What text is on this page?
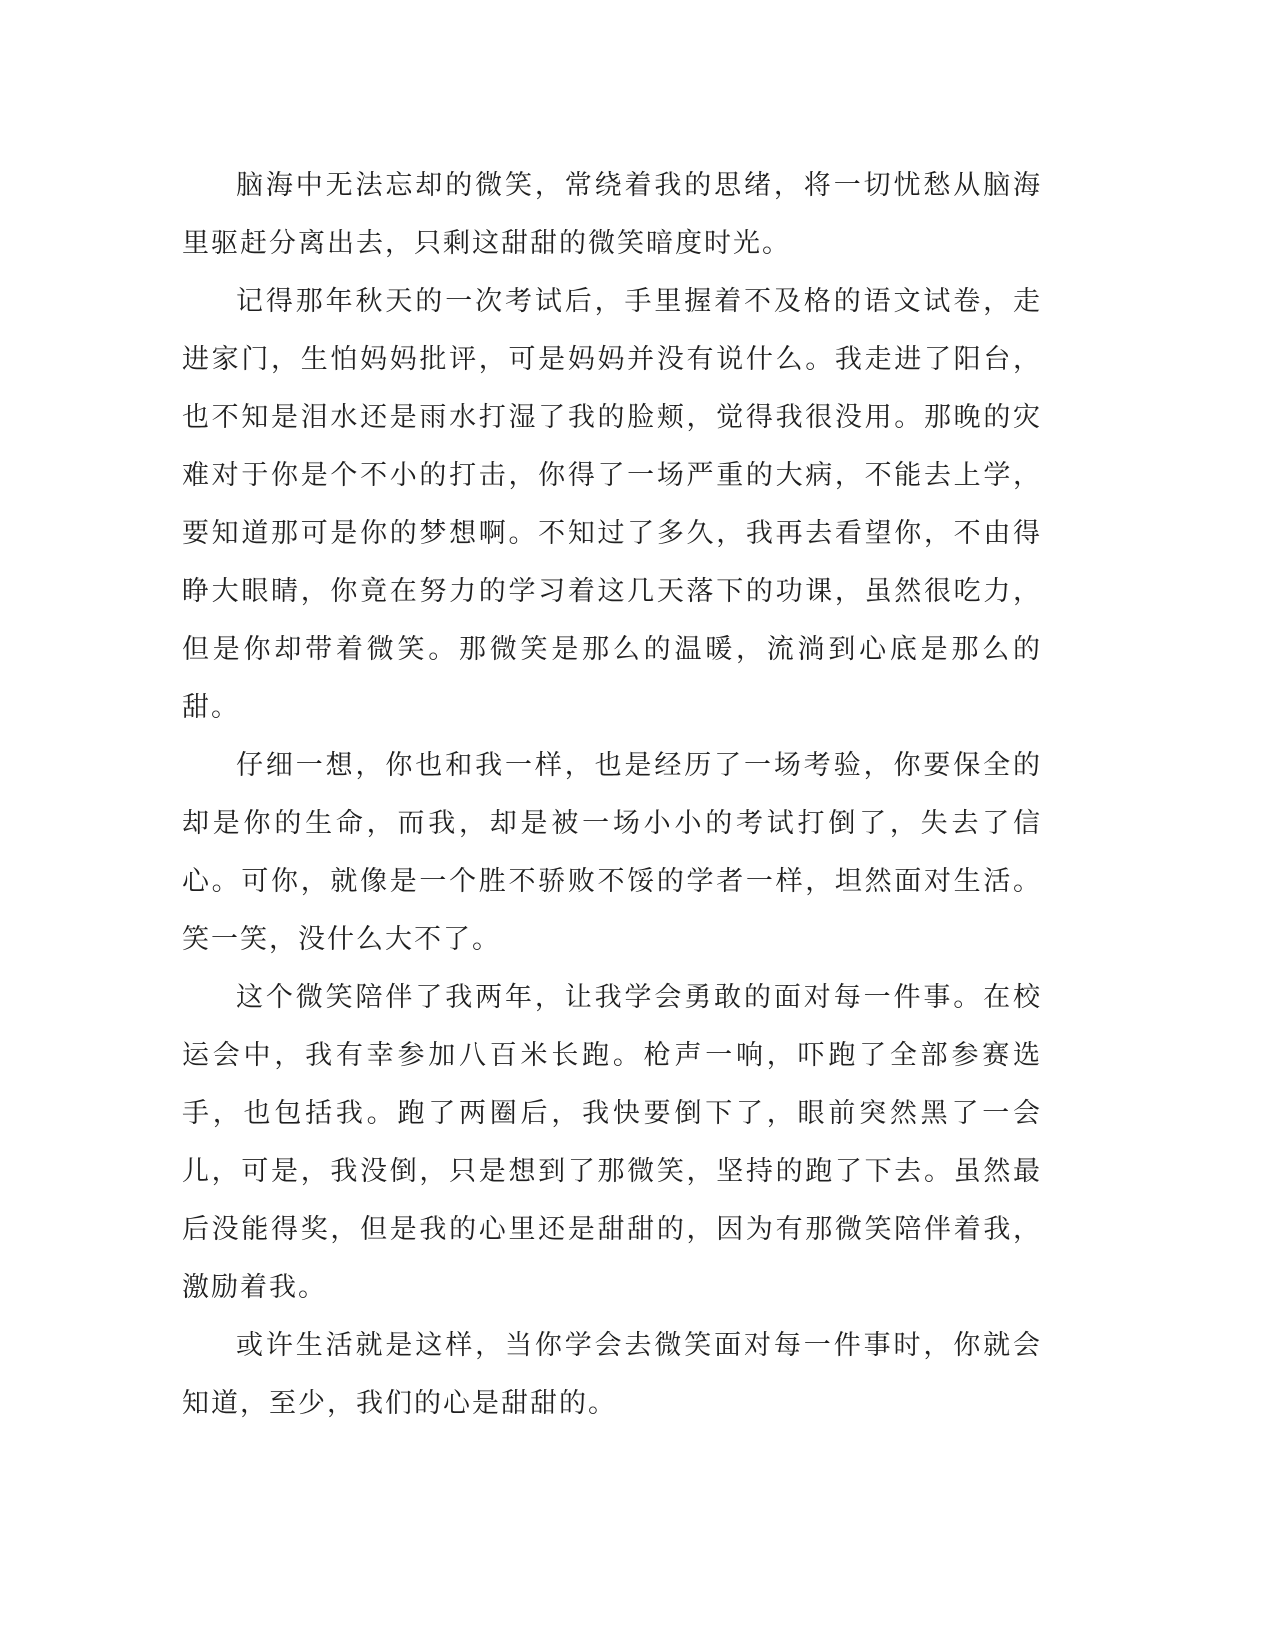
脑海中无法忘却的微笑，常绕着我的思绪，将一切忧愁从脑海里驱赶分离出去，只剩这甜甜的微笑暗度时光。

记得那年秋天的一次考试后，手里握着不及格的语文试卷，走进家门，生怕妈妈批评，可是妈妈并没有说什么。我走进了阳台，也不知是泪水还是雨水打湿了我的脸颊，觉得我很没用。那晚的灾难对于你是个不小的打击，你得了一场严重的大病，不能去上学，要知道那可是你的梦想啊。不知过了多久，我再去看望你，不由得睁大眼睛，你竟在努力的学习着这几天落下的功课，虽然很吃力，但是你却带着微笑。那微笑是那么的温暖，流淌到心底是那么的甜。

仔细一想，你也和我一样，也是经历了一场考验，你要保全的却是你的生命，而我，却是被一场小小的考试打倒了，失去了信心。可你，就像是一个胜不骄败不馁的学者一样，坦然面对生活。笑一笑，没什么大不了。

这个微笑陪伴了我两年，让我学会勇敢的面对每一件事。在校运会中，我有幸参加八百米长跑。枪声一响，吓跑了全部参赛选手，也包括我。跑了两圈后，我快要倒下了，眼前突然黑了一会儿，可是，我没倒，只是想到了那微笑，坚持的跑了下去。虽然最后没能得奖，但是我的心里还是甜甜的，因为有那微笑陪伴着我，激励着我。

或许生活就是这样，当你学会去微笑面对每一件事时，你就会知道，至少，我们的心是甜甜的。
